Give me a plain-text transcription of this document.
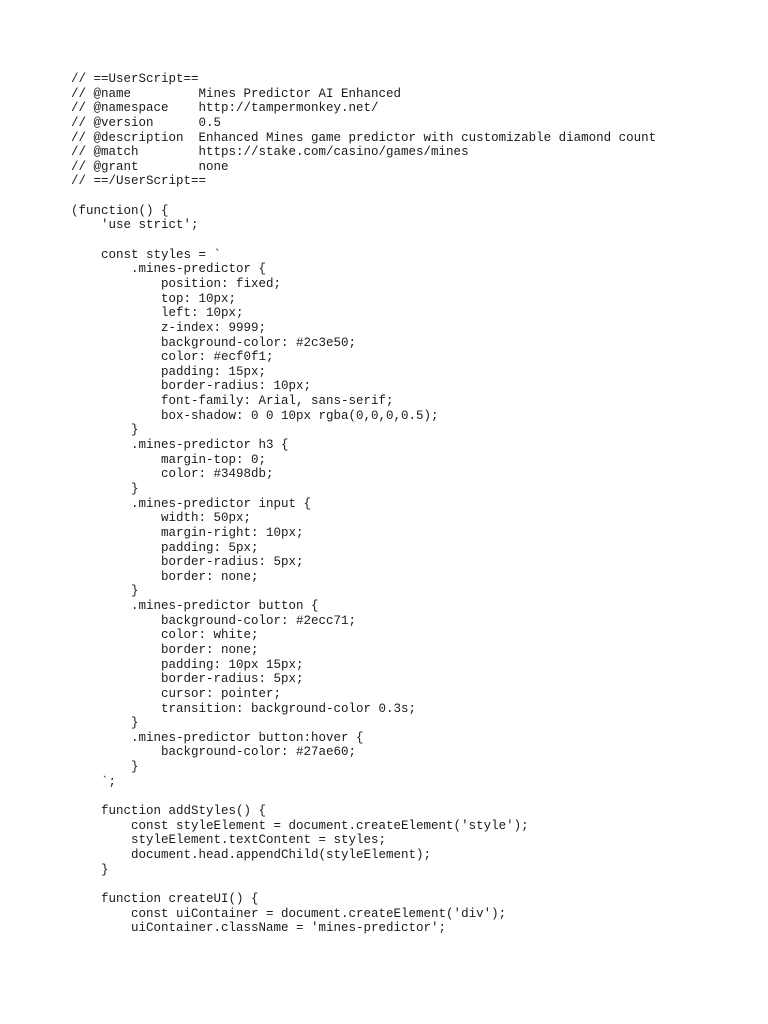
// ==UserScript==
// @name         Mines Predictor AI Enhanced
// @namespace    http://tampermonkey.net/
// @version      0.5
// @description  Enhanced Mines game predictor with customizable diamond count
// @match        https://stake.com/casino/games/mines
// @grant        none
// ==/UserScript==
(function() {
'use strict';
const styles = `
.mines-predictor {
position: fixed;
top: 10px;
left: 10px;
z-index: 9999;
background-color: #2c3e50;
color: #ecf0f1;
padding: 15px;
border-radius: 10px;
font-family: Arial, sans-serif;
box-shadow: 0 0 10px rgba(0,0,0,0.5);
}
.mines-predictor h3 {
margin-top: 0;
color: #3498db;
}
.mines-predictor input {
width: 50px;
margin-right: 10px;
padding: 5px;
border-radius: 5px;
border: none;
}
.mines-predictor button {
background-color: #2ecc71;
color: white;
border: none;
padding: 10px 15px;
border-radius: 5px;
cursor: pointer;
transition: background-color 0.3s;
}
.mines-predictor button:hover {
background-color: #27ae60;
}
`;
function addStyles() {
const styleElement = document.createElement('style');
styleElement.textContent = styles;
document.head.appendChild(styleElement);
}
function createUI() {
const uiContainer = document.createElement('div');
uiContainer.className = 'mines-predictor';
